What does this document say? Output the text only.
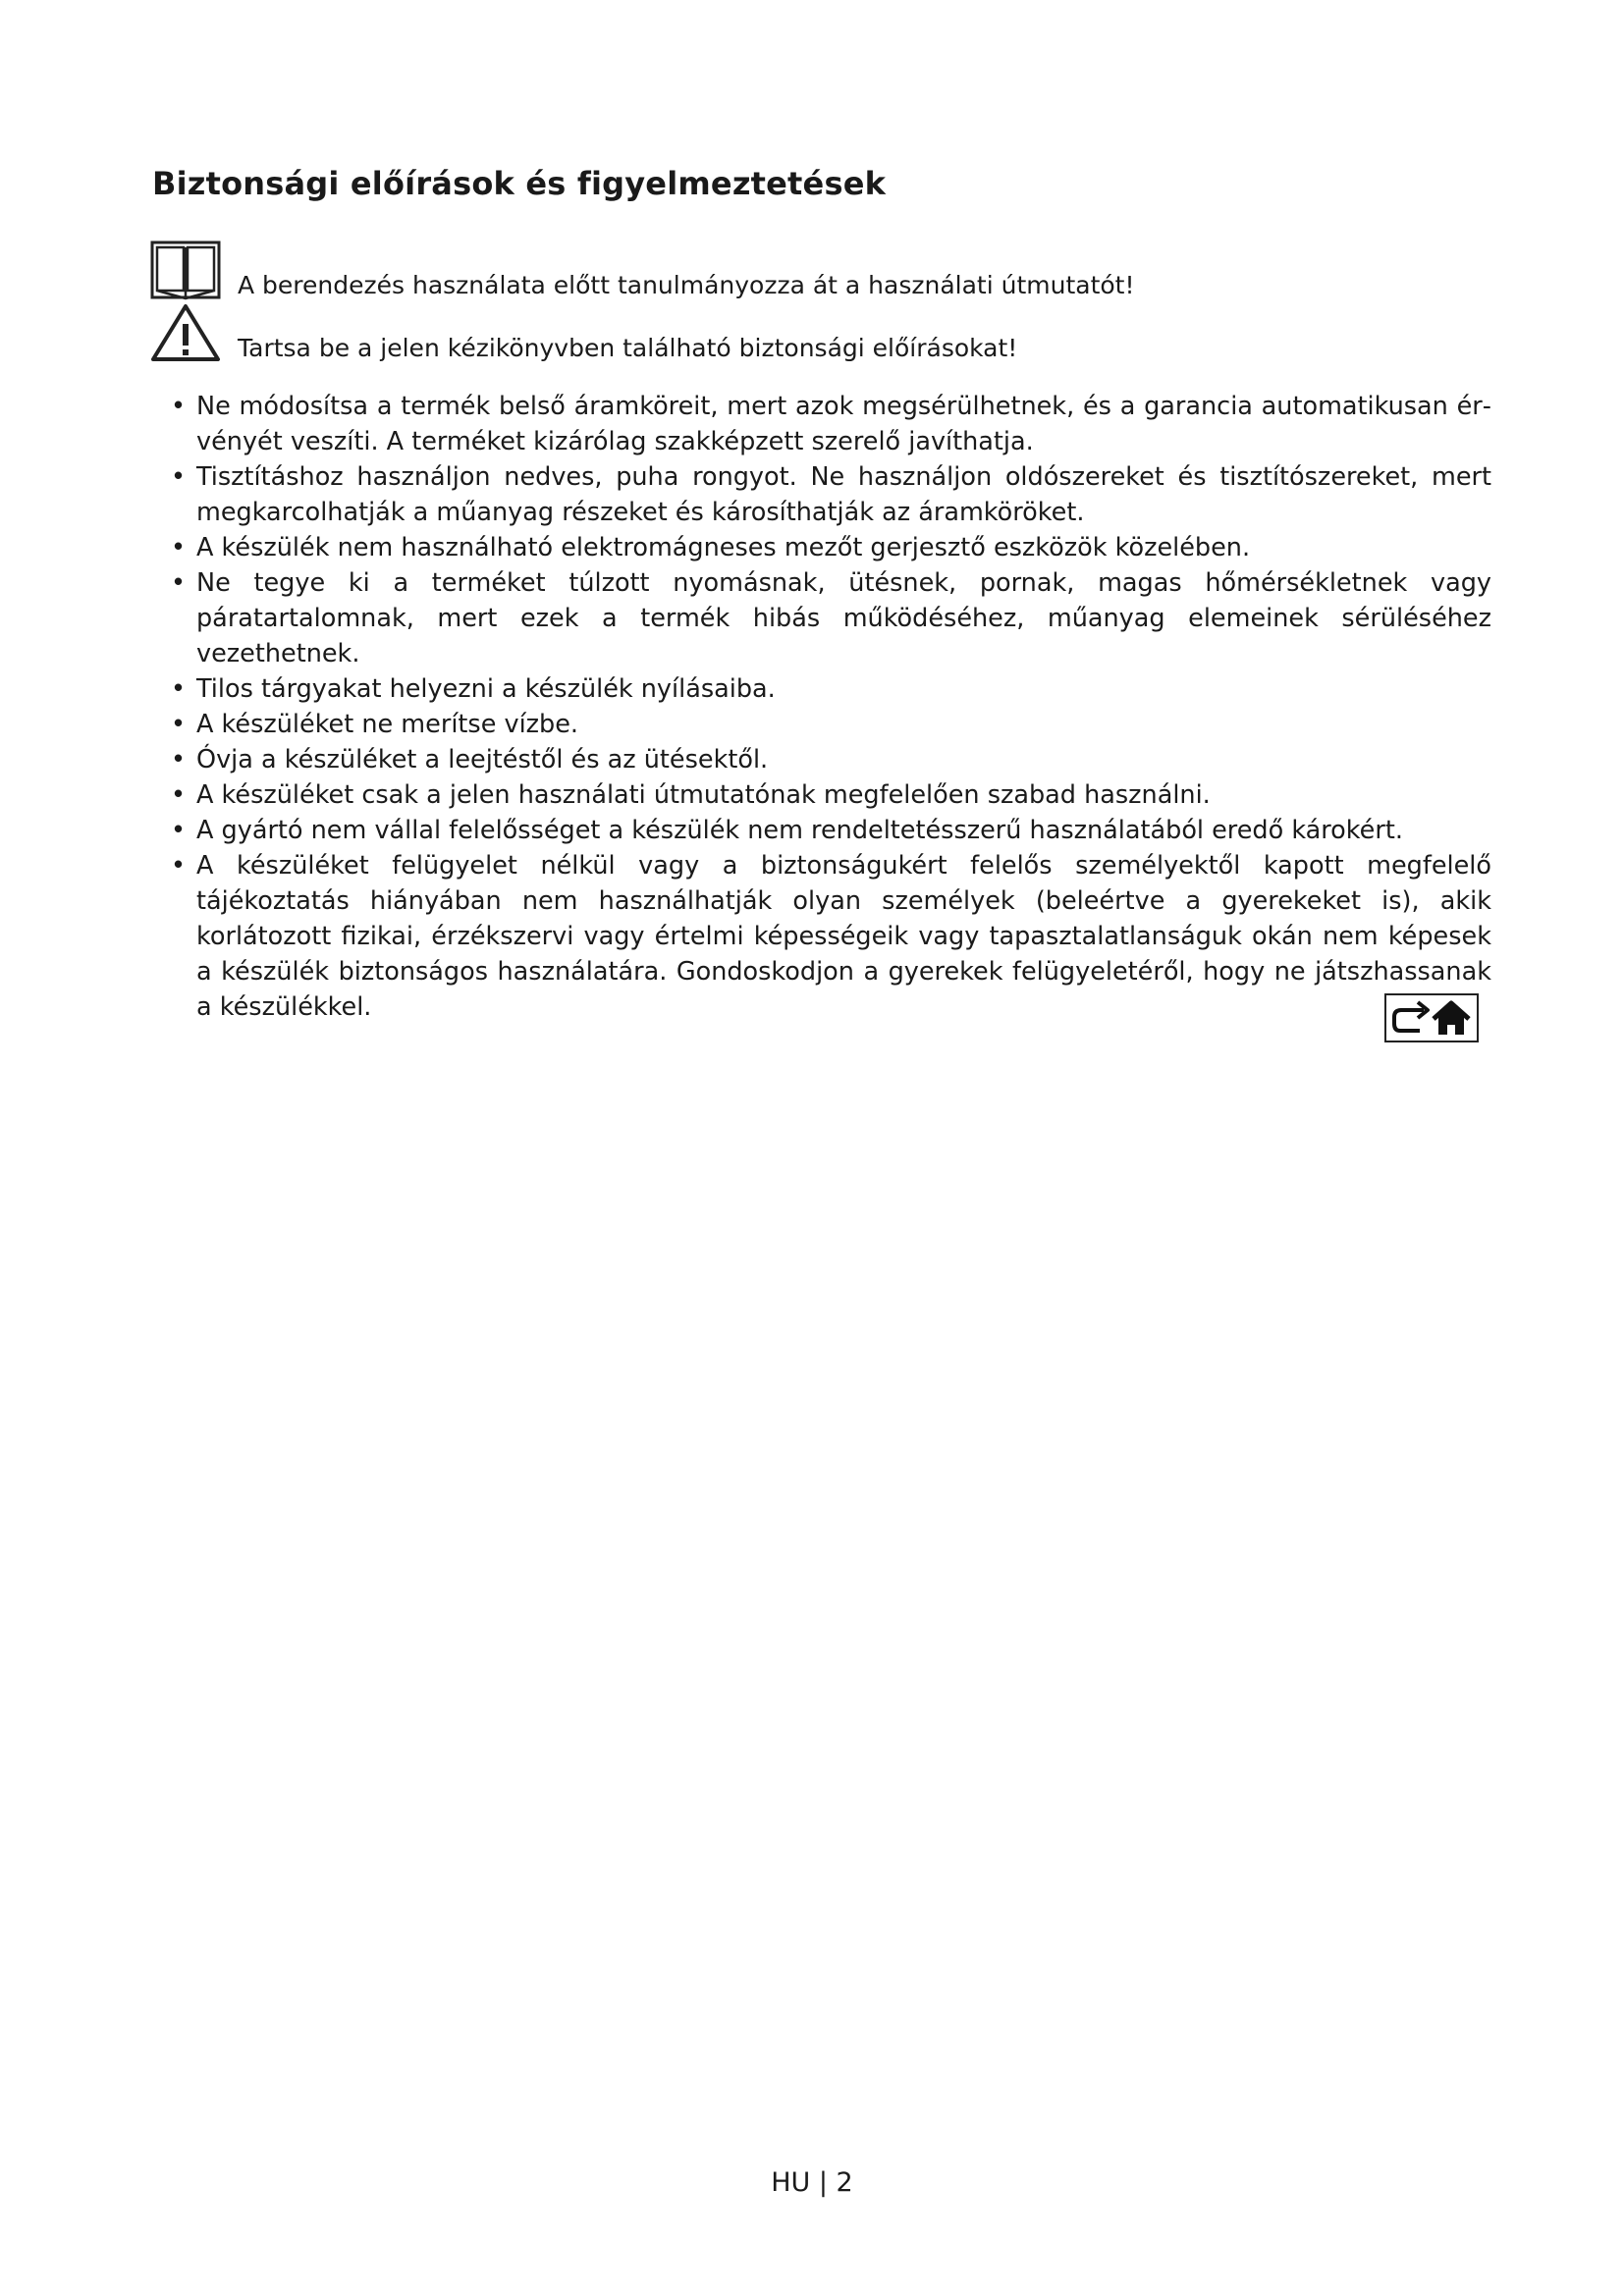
Biztonsági előírások és figyelmeztetések
A berendezés használata előtt tanulmányozza át a használati útmutatót!
Tartsa be a jelen kézikönyvben található biztonsági előírásokat!
• Ne módosítsa a termék belső áramköreit, mert azok megsérülhetnek, és a garancia automatikusan érvényét veszíti. A terméket kizárólag szakképzett szerelő javíthatja.
• Tisztításhoz használjon nedves, puha rongyot. Ne használjon oldószereket és tisztítószereket, mert megkarcolhatják a műanyag részeket és károsíthatják az áramköröket.
• A készülék nem használható elektromágneses mezőt gerjesztő eszközök közelében.
• Ne tegye ki a terméket túlzott nyomásnak, ütésnek, pornak, magas hőmérsékletnek vagy páratartalomnak, mert ezek a termék hibás működéséhez, műanyag elemeinek sérüléséhez vezethetnek.
• Tilos tárgyakat helyezni a készülék nyílásaiba.
• A készüléket ne merítse vízbe.
• Óvja a készüléket a leejtéstől és az ütésektől.
• A készüléket csak a jelen használati útmutatónak megfelelően szabad használni.
• A gyártó nem vállal felelősséget a készülék nem rendeltetésszerű használatából eredő károkért.
• A készüléket felügyelet nélkül vagy a biztonságukért felelős személyektől kapott megfelelő tájékoztatás hiányában nem használhatják olyan személyek (beleértve a gyerekeket is), akik korlátozott fizikai, érzékszervi vagy értelmi képességeik vagy tapasztalatlanságuk okán nem képesek a készülék biztonságos használatára. Gondoskodjon a gyerekek felügyeletéről, hogy ne játszhassanak a készülékkel.
HU | 2
